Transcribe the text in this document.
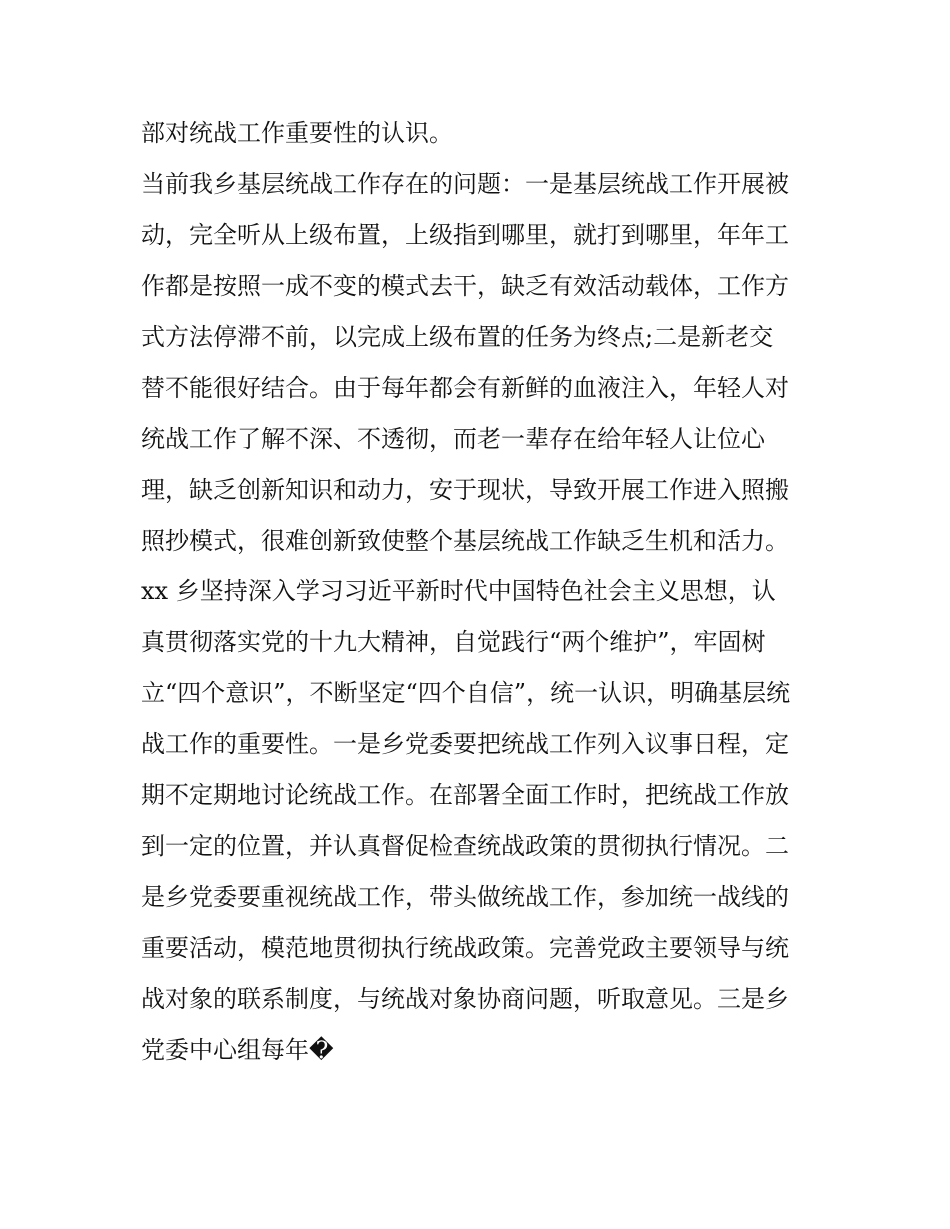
部对统战工作重要性的认识。
当前我乡基层统战工作存在的问题：一是基层统战工作开展被
动，完全听从上级布置，上级指到哪里，就打到哪里，年年工
作都是按照一成不变的模式去干，缺乏有效活动载体，工作方
式方法停滞不前，以完成上级布置的任务为终点;二是新老交
替不能很好结合。由于每年都会有新鲜的血液注入，年轻人对
统战工作了解不深、不透彻，而老一辈存在给年轻人让位心
理，缺乏创新知识和动力，安于现状，导致开展工作进入照搬
照抄模式，很难创新致使整个基层统战工作缺乏生机和活力。
xx 乡坚持深入学习习近平新时代中国特色社会主义思想，认
真贯彻落实党的十九大精神，自觉践行“两个维护”，牢固树
立“四个意识”，不断坚定“四个自信”，统一认识，明确基层统
战工作的重要性。一是乡党委要把统战工作列入议事日程，定
期不定期地讨论统战工作。在部署全面工作时，把统战工作放
到一定的位置，并认真督促检查统战政策的贯彻执行情况。二
是乡党委要重视统战工作，带头做统战工作，参加统一战线的
重要活动，模范地贯彻执行统战政策。完善党政主要领导与统
战对象的联系制度，与统战对象协商问题，听取意见。三是乡
党委中心组每年�
